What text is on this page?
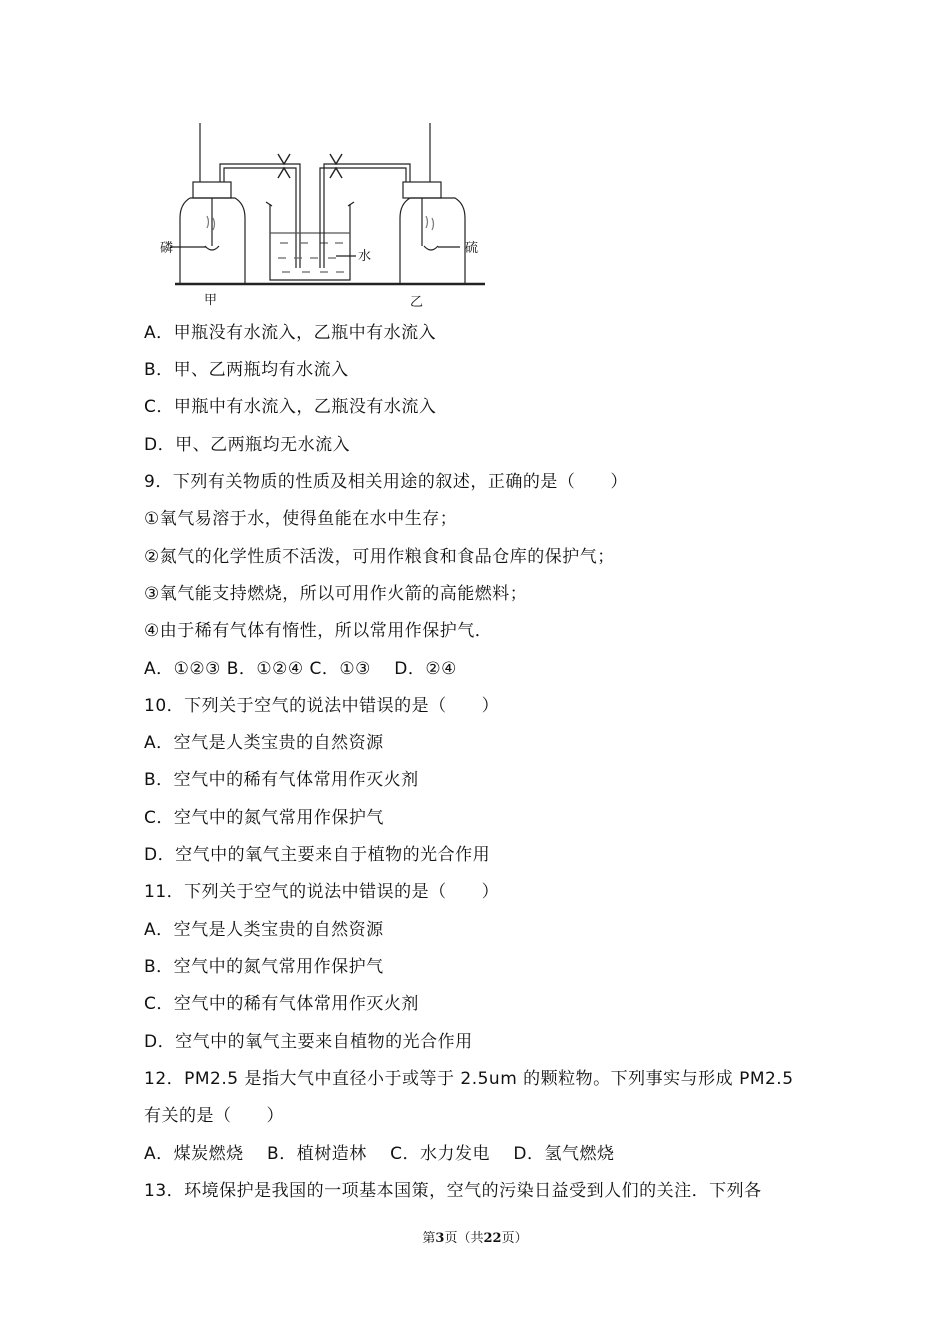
磷	硫
水
甲	乙
A．甲瓶没有水流入，乙瓶中有水流入
B．甲、乙两瓶均有水流入
C．甲瓶中有水流入，乙瓶没有水流入
D．甲、乙两瓶均无水流入
9．下列有关物质的性质及相关用途的叙述，正确的是（　　）
①氧气易溶于水，使得鱼能在水中生存；
②氮气的化学性质不活泼，可用作粮食和食品仓库的保护气；
③氧气能支持燃烧，所以可用作火箭的高能燃料；
④由于稀有气体有惰性，所以常用作保护气．
A．①②③ B．①②④ C．①③　 D．②④
10．下列关于空气的说法中错误的是（　　）
A．空气是人类宝贵的自然资源
B．空气中的稀有气体常用作灭火剂
C．空气中的氮气常用作保护气
D．空气中的氧气主要来自于植物的光合作用
11．下列关于空气的说法中错误的是（　　）
A．空气是人类宝贵的自然资源
B．空气中的氮气常用作保护气
C．空气中的稀有气体常用作灭火剂
D．空气中的氧气主要来自植物的光合作用
12．PM2.5 是指大气中直径小于或等于 2.5um 的颗粒物。下列事实与形成 PM2.5
有关的是（　　）
A．煤炭燃烧　 B．植树造林　 C．水力发电　 D．氢气燃烧
13．环境保护是我国的一项基本国策，空气的污染日益受到人们的关注．下列各
第3页（共22页）
